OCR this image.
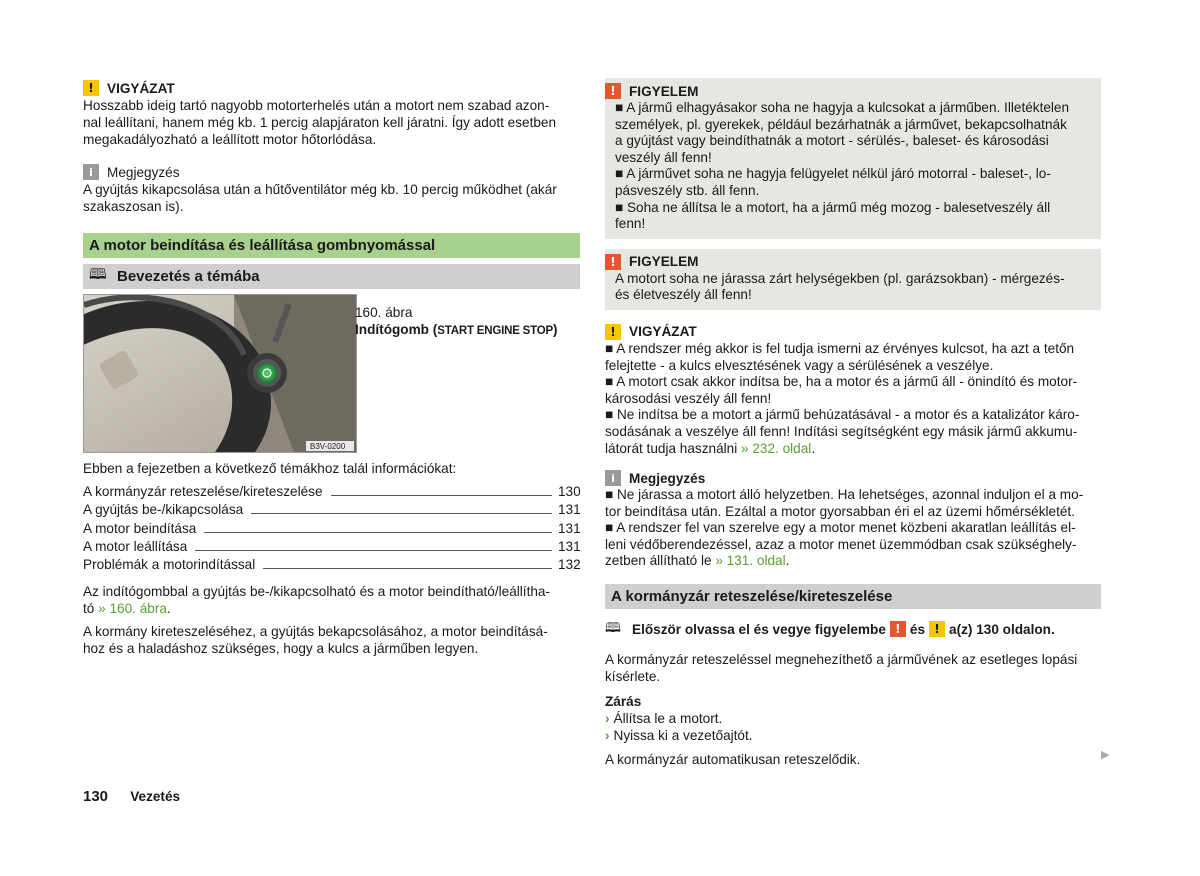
! VIGYÁZAT

Hosszabb ideig tartó nagyobb motorterhelés után a motort nem szabad azon-

nal leállítani, hanem még kb. 1 percig alapjáraton kell járatni. Így adott esetben

megakadályozható a leállított motor hőtorlódása.

i	Megjegyzés

A gyújtás kikapcsolása után a hűtőventilátor még kb. 10 percig működhet (akár

szakaszosan is).

A motor beindítása és leállítása gombnyomással
🕮 Bevezetés a témába
B3V-0200

160. ábra

Indítógomb (START ENGINE STOP)

Ebben a fejezetben a következő témákhoz talál információkat:

A kormányzár reteszelése/kireteszelése	130
A gyújtás be-/kikapcsolása	131
A motor beindítása	131
A motor leállítása	131
Problémák a motorindítással	132

Az indítógombbal a gyújtás be-/kikapcsolható és a motor beindítható/leállítha-

tó » 160. ábra.

A kormány kireteszeléséhez, a gyújtás bekapcsolásához, a motor beindításá-

hoz és a haladáshoz szükséges, hogy a kulcs a járműben legyen.

! FIGYELEM

■ A jármű elhagyásakor soha ne hagyja a kulcsokat a járműben. Illetéktelen

személyek, pl. gyerekek, például bezárhatnák a járművet, bekapcsolhatnák

a gyújtást vagy beindíthatnák a motort - sérülés-, baleset- és károsodási

veszély áll fenn!

■ A járművet soha ne hagyja felügyelet nélkül járó motorral - baleset-, lo-

pásveszély stb. áll fenn.

■ Soha ne állítsa le a motort, ha a jármű még mozog - balesetveszély áll

fenn!

! FIGYELEM

A motort soha ne járassa zárt helységekben (pl. garázsokban) - mérgezés-

és életveszély áll fenn!

! VIGYÁZAT

■ A rendszer még akkor is fel tudja ismerni az érvényes kulcsot, ha azt a tetőn

felejtette - a kulcs elvesztésének vagy a sérülésének a veszélye.

■ A motort csak akkor indítsa be, ha a motor és a jármű áll - önindító és motor-

károsodási veszély áll fenn!

■ Ne indítsa be a motort a jármű behúzatásával - a motor és a katalizátor káro-

sodásának a veszélye áll fenn! Indítási segítségként egy másik jármű akkumu-

látorát tudja használni » 232. oldal.

i	Megjegyzés

■ Ne járassa a motort álló helyzetben. Ha lehetséges, azonnal induljon el a mo-

tor beindítása után. Ezáltal a motor gyorsabban éri el az üzemi hőmérsékletét.

■ A rendszer fel van szerelve egy a motor menet közbeni akaratlan leállítás el-

leni védőberendezéssel, azaz a motor menet üzemmódban csak szükséghely-

zetben állítható le » 131. oldal.

A kormányzár reteszelése/kireteszelése
🕮 Először olvassa el és vegye figyelembe ! és ! a(z) 130 oldalon.

A kormányzár reteszeléssel megnehezíthető a járművének az esetleges lopási

kísérlete.

Zárás

› Állítsa le a motort.

› Nyissa ki a vezetőajtót.

A kormányzár automatikusan reteszelődik.	▶
130 Vezetés
